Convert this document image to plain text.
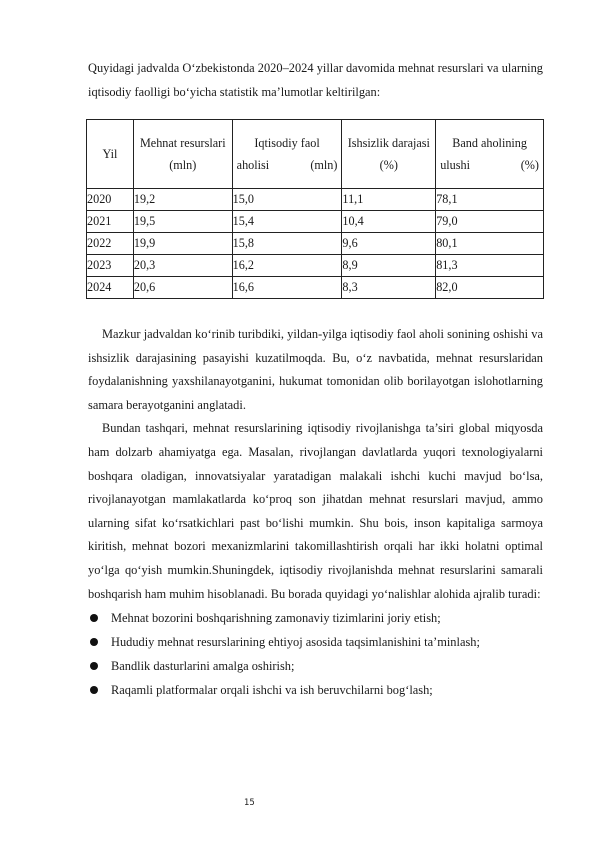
Quyidagi jadvalda O‘zbekistonda 2020–2024 yillar davomida mehnat resurslari va ularning iqtisodiy faolligi bo‘yicha statistik ma’lumotlar keltirilgan:

Yil	Mehnat resurslari (mln)	Iqtisodiy faol aholisi (mln)	Ishsizlik darajasi (%)	Band aholining ulushi (%)
2020	19,2	15,0	11,1	78,1
2021	19,5	15,4	10,4	79,0
2022	19,9	15,8	9,6	80,1
2023	20,3	16,2	8,9	81,3
2024	20,6	16,6	8,3	82,0

Mazkur jadvaldan ko‘rinib turibdiki, yildan-yilga iqtisodiy faol aholi sonining oshishi va ishsizlik darajasining pasayishi kuzatilmoqda. Bu, o‘z navbatida, mehnat resurslaridan foydalanishning yaxshilanayotganini, hukumat tomonidan olib borilayotgan islohotlarning samara berayotganini anglatadi.

Bundan tashqari, mehnat resurslarining iqtisodiy rivojlanishga ta’siri global miqyosda ham dolzarb ahamiyatga ega. Masalan, rivojlangan davlatlarda yuqori texnologiyalarni boshqara oladigan, innovatsiyalar yaratadigan malakali ishchi kuchi mavjud bo‘lsa, rivojlanayotgan mamlakatlarda ko‘proq son jihatdan mehnat resurslari mavjud, ammo ularning sifat ko‘rsatkichlari past bo‘lishi mumkin. Shu bois, inson kapitaliga sarmoya kiritish, mehnat bozori mexanizmlarini takomillashtirish orqali har ikki holatni optimal yo‘lga qo‘yish mumkin.Shuningdek, iqtisodiy rivojlanishda mehnat resurslarini samarali boshqarish ham muhim hisoblanadi. Bu borada quyidagi yo‘nalishlar alohida ajralib turadi:

Mehnat bozorini boshqarishning zamonaviy tizimlarini joriy etish;
Hududiy mehnat resurslarining ehtiyoj asosida taqsimlanishini ta’minlash;
Bandlik dasturlarini amalga oshirish;
Raqamli platformalar orqali ishchi va ish beruvchilarni bog‘lash;
15
